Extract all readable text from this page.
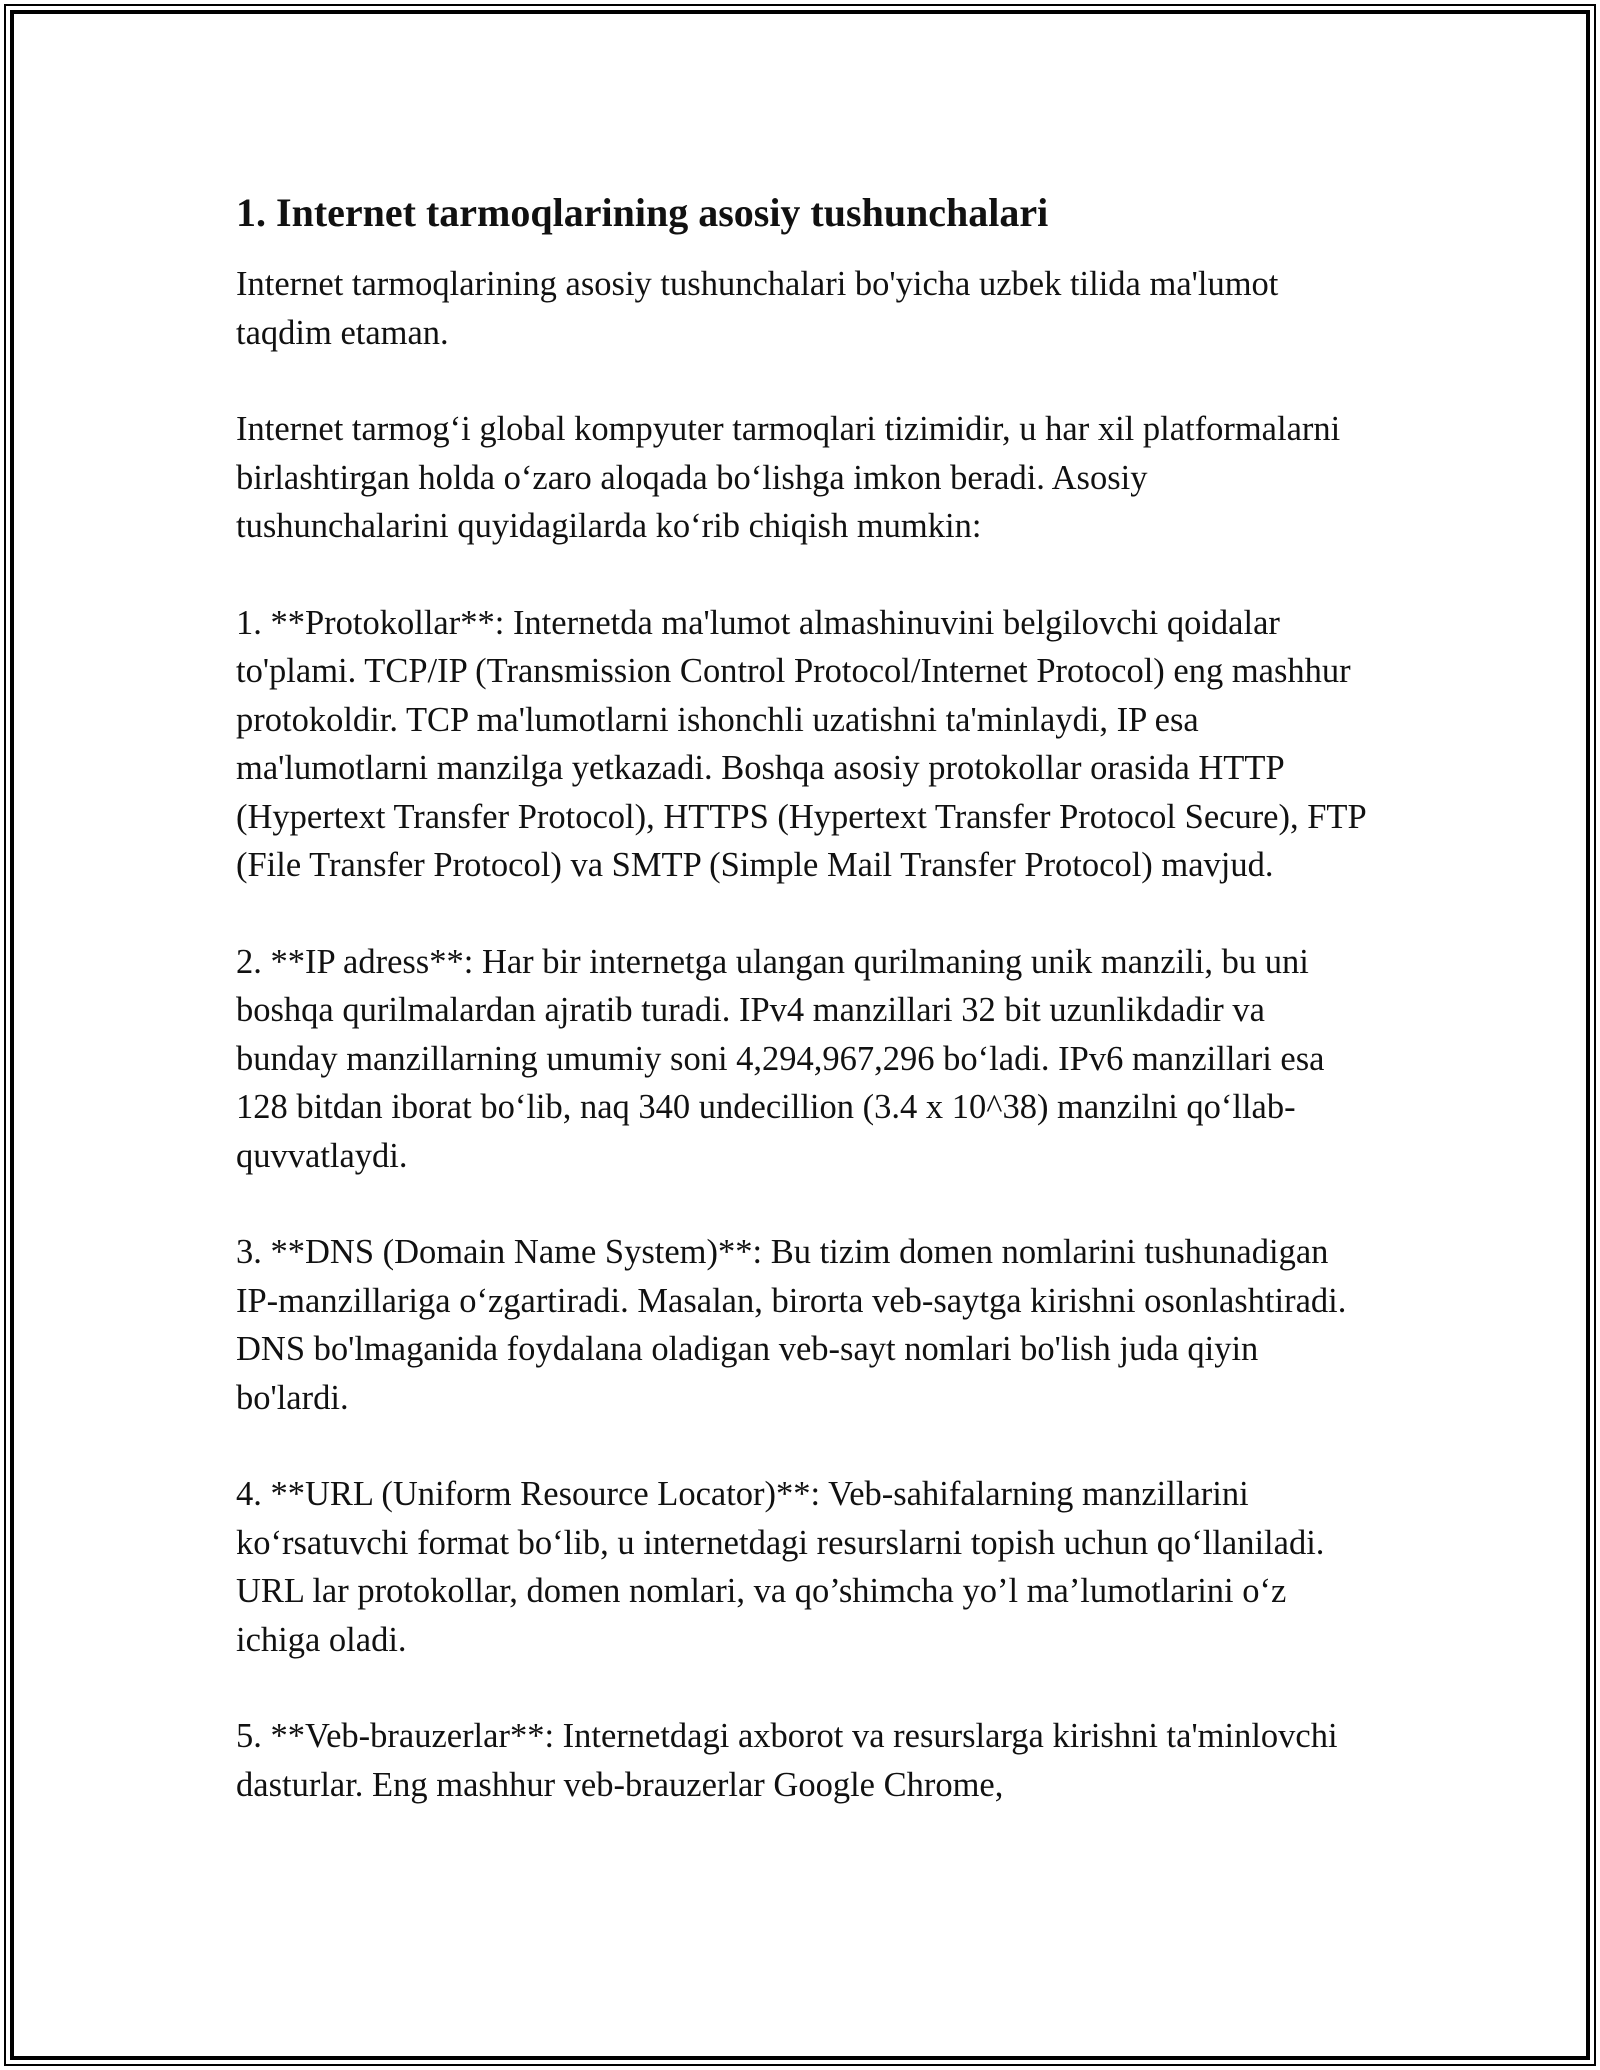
1. Internet tarmoqlarining asosiy tushunchalari

Internet tarmoqlarining asosiy tushunchalari bo'yicha uzbek tilida ma'lumot taqdim etaman.

Internet tarmog‘i global kompyuter tarmoqlari tizimidir, u har xil platformalarni birlashtirgan holda o‘zaro aloqada bo‘lishga imkon beradi. Asosiy tushunchalarini quyidagilarda ko‘rib chiqish mumkin:

1. **Protokollar**: Internetda ma'lumot almashinuvini belgilovchi qoidalar to'plami. TCP/IP (Transmission Control Protocol/Internet Protocol) eng mashhur protokoldir. TCP ma'lumotlarni ishonchli uzatishni ta'minlaydi, IP esa ma'lumotlarni manzilga yetkazadi. Boshqa asosiy protokollar orasida HTTP (Hypertext Transfer Protocol), HTTPS (Hypertext Transfer Protocol Secure), FTP (File Transfer Protocol) va SMTP (Simple Mail Transfer Protocol) mavjud.

2. **IP adress**: Har bir internetga ulangan qurilmaning unik manzili, bu uni boshqa qurilmalardan ajratib turadi. IPv4 manzillari 32 bit uzunlikdadir va bunday manzillarning umumiy soni 4,294,967,296 bo‘ladi. IPv6 manzillari esa 128 bitdan iborat bo‘lib, naq 340 undecillion (3.4 x 10^38) manzilni qo‘llab-quvvatlaydi.

3. **DNS (Domain Name System)**: Bu tizim domen nomlarini tushunadigan IP-manzillariga o‘zgartiradi. Masalan, birorta veb-saytga kirishni osonlashtiradi. DNS bo'lmaganida foydalana oladigan veb-sayt nomlari bo'lish juda qiyin bo'lardi.

4. **URL (Uniform Resource Locator)**: Veb-sahifalarning manzillarini ko‘rsatuvchi format bo‘lib, u internetdagi resurslarni topish uchun qo‘llaniladi. URL lar protokollar, domen nomlari, va qo’shimcha yo’l ma’lumotlarini o‘z ichiga oladi.

5. **Veb-brauzerlar**: Internetdagi axborot va resurslarga kirishni ta'minlovchi dasturlar. Eng mashhur veb-brauzerlar Google Chrome,
